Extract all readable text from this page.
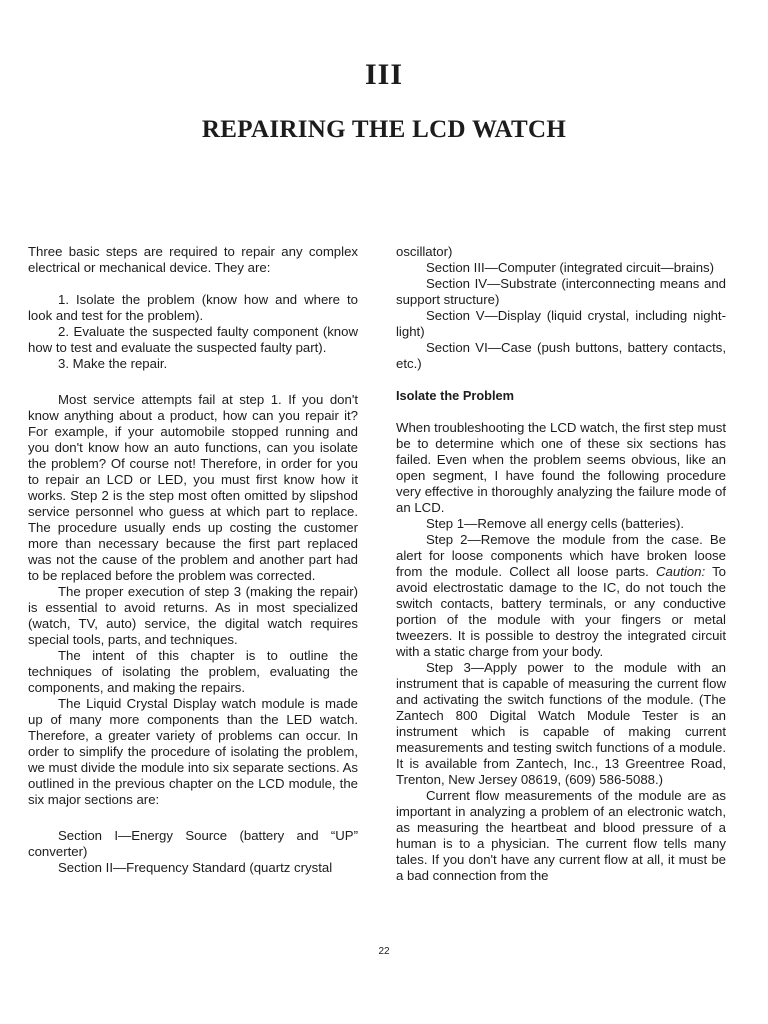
III
REPAIRING THE LCD WATCH

Three basic steps are required to repair any complex electrical or mechanical device. They are:

1. Isolate the problem (know how and where to look and test for the problem).

2. Evaluate the suspected faulty component (know how to test and evaluate the suspected faulty part).

3. Make the repair.

Most service attempts fail at step 1. If you don't know anything about a product, how can you repair it? For example, if your automobile stopped running and you don't know how an auto functions, can you isolate the problem? Of course not! Therefore, in order for you to repair an LCD or LED, you must first know how it works. Step 2 is the step most often omitted by slipshod service personnel who guess at which part to replace. The procedure usually ends up costing the customer more than necessary because the first part replaced was not the cause of the problem and another part had to be replaced before the problem was corrected.

The proper execution of step 3 (making the repair) is essential to avoid returns. As in most specialized (watch, TV, auto) service, the digital watch requires special tools, parts, and techniques.

The intent of this chapter is to outline the techniques of isolating the problem, evaluating the components, and making the repairs.

The Liquid Crystal Display watch module is made up of many more components than the LED watch. Therefore, a greater variety of problems can occur. In order to simplify the procedure of isolating the problem, we must divide the module into six separate sections. As outlined in the previous chapter on the LCD module, the six major sections are:

Section I—Energy Source (battery and “UP” converter)

Section II—Frequency Standard (quartz crystal

oscillator)

Section III—Computer (integrated circuit—brains)

Section IV—Substrate (interconnecting means and support structure)

Section V—Display (liquid crystal, including night-light)

Section VI—Case (push buttons, battery contacts, etc.)

Isolate the Problem

When troubleshooting the LCD watch, the first step must be to determine which one of these six sections has failed. Even when the problem seems obvious, like an open segment, I have found the following procedure very effective in thoroughly analyzing the failure mode of an LCD.

Step 1—Remove all energy cells (batteries).

Step 2—Remove the module from the case. Be alert for loose components which have broken loose from the module. Collect all loose parts. Caution: To avoid electrostatic damage to the IC, do not touch the switch contacts, battery terminals, or any conductive portion of the module with your fingers or metal tweezers. It is possible to destroy the integrated circuit with a static charge from your body.

Step 3—Apply power to the module with an instrument that is capable of measuring the current flow and activating the switch functions of the module. (The Zantech 800 Digital Watch Module Tester is an instrument which is capable of making current measurements and testing switch functions of a module. It is available from Zantech, Inc., 13 Greentree Road, Trenton, New Jersey 08619, (609) 586-5088.)

Current flow measurements of the module are as important in analyzing a problem of an electronic watch, as measuring the heartbeat and blood pressure of a human is to a physician. The current flow tells many tales. If you don't have any current flow at all, it must be a bad connection from the

22
